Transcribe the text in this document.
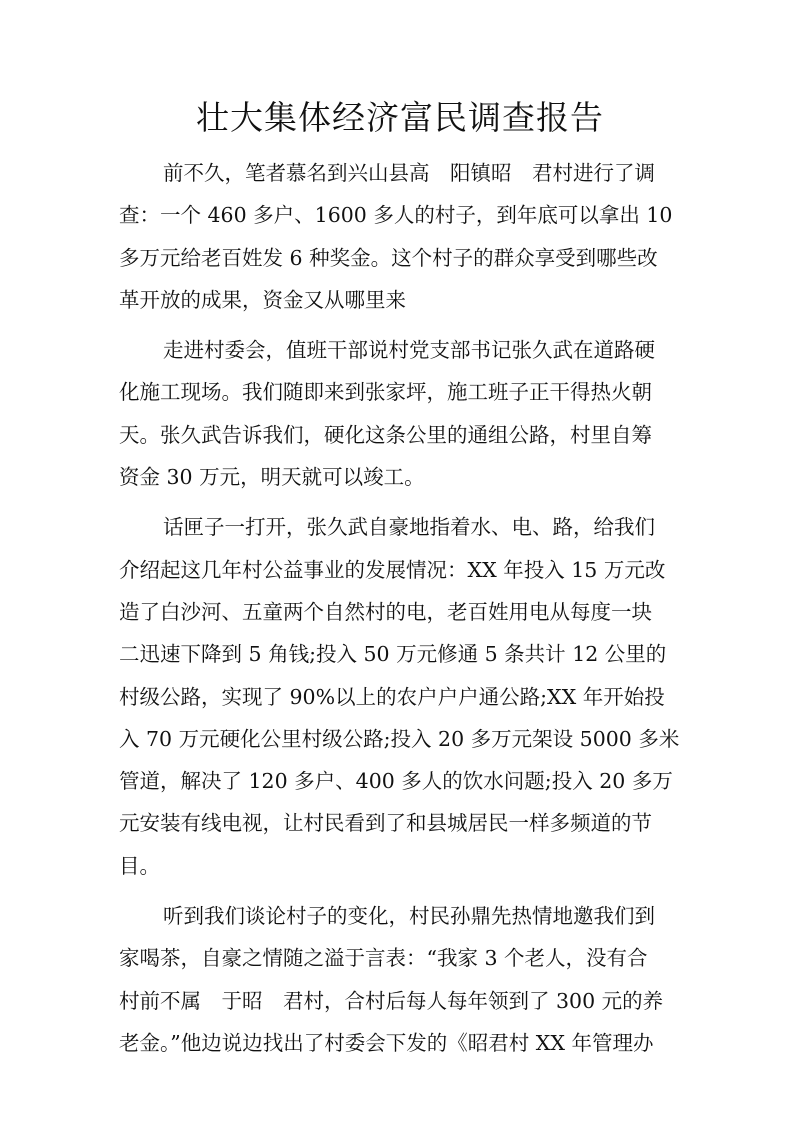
壮大集体经济富民调查报告
前不久，笔者慕名到兴山县高　阳镇昭　君村进行了调
查：一个 460 多户、1600 多人的村子，到年底可以拿出 10
多万元给老百姓发 6 种奖金。这个村子的群众享受到哪些改
革开放的成果，资金又从哪里来
走进村委会，值班干部说村党支部书记张久武在道路硬
化施工现场。我们随即来到张家坪，施工班子正干得热火朝
天。张久武告诉我们，硬化这条公里的通组公路，村里自筹
资金 30 万元，明天就可以竣工。
话匣子一打开，张久武自豪地指着水、电、路，给我们
介绍起这几年村公益事业的发展情况：XX 年投入 15 万元改
造了白沙河、五童两个自然村的电，老百姓用电从每度一块
二迅速下降到 5 角钱;投入 50 万元修通 5 条共计 12 公里的
村级公路，实现了 90%以上的农户户户通公路;XX 年开始投
入 70 万元硬化公里村级公路;投入 20 多万元架设 5000 多米
管道，解决了 120 多户、400 多人的饮水问题;投入 20 多万
元安装有线电视，让村民看到了和县城居民一样多频道的节
目。
听到我们谈论村子的变化，村民孙鼎先热情地邀我们到
家喝茶，自豪之情随之溢于言表：“我家 3 个老人，没有合
村前不属　于昭　君村，合村后每人每年领到了 300 元的养
老金。”他边说边找出了村委会下发的《昭君村 XX 年管理办
